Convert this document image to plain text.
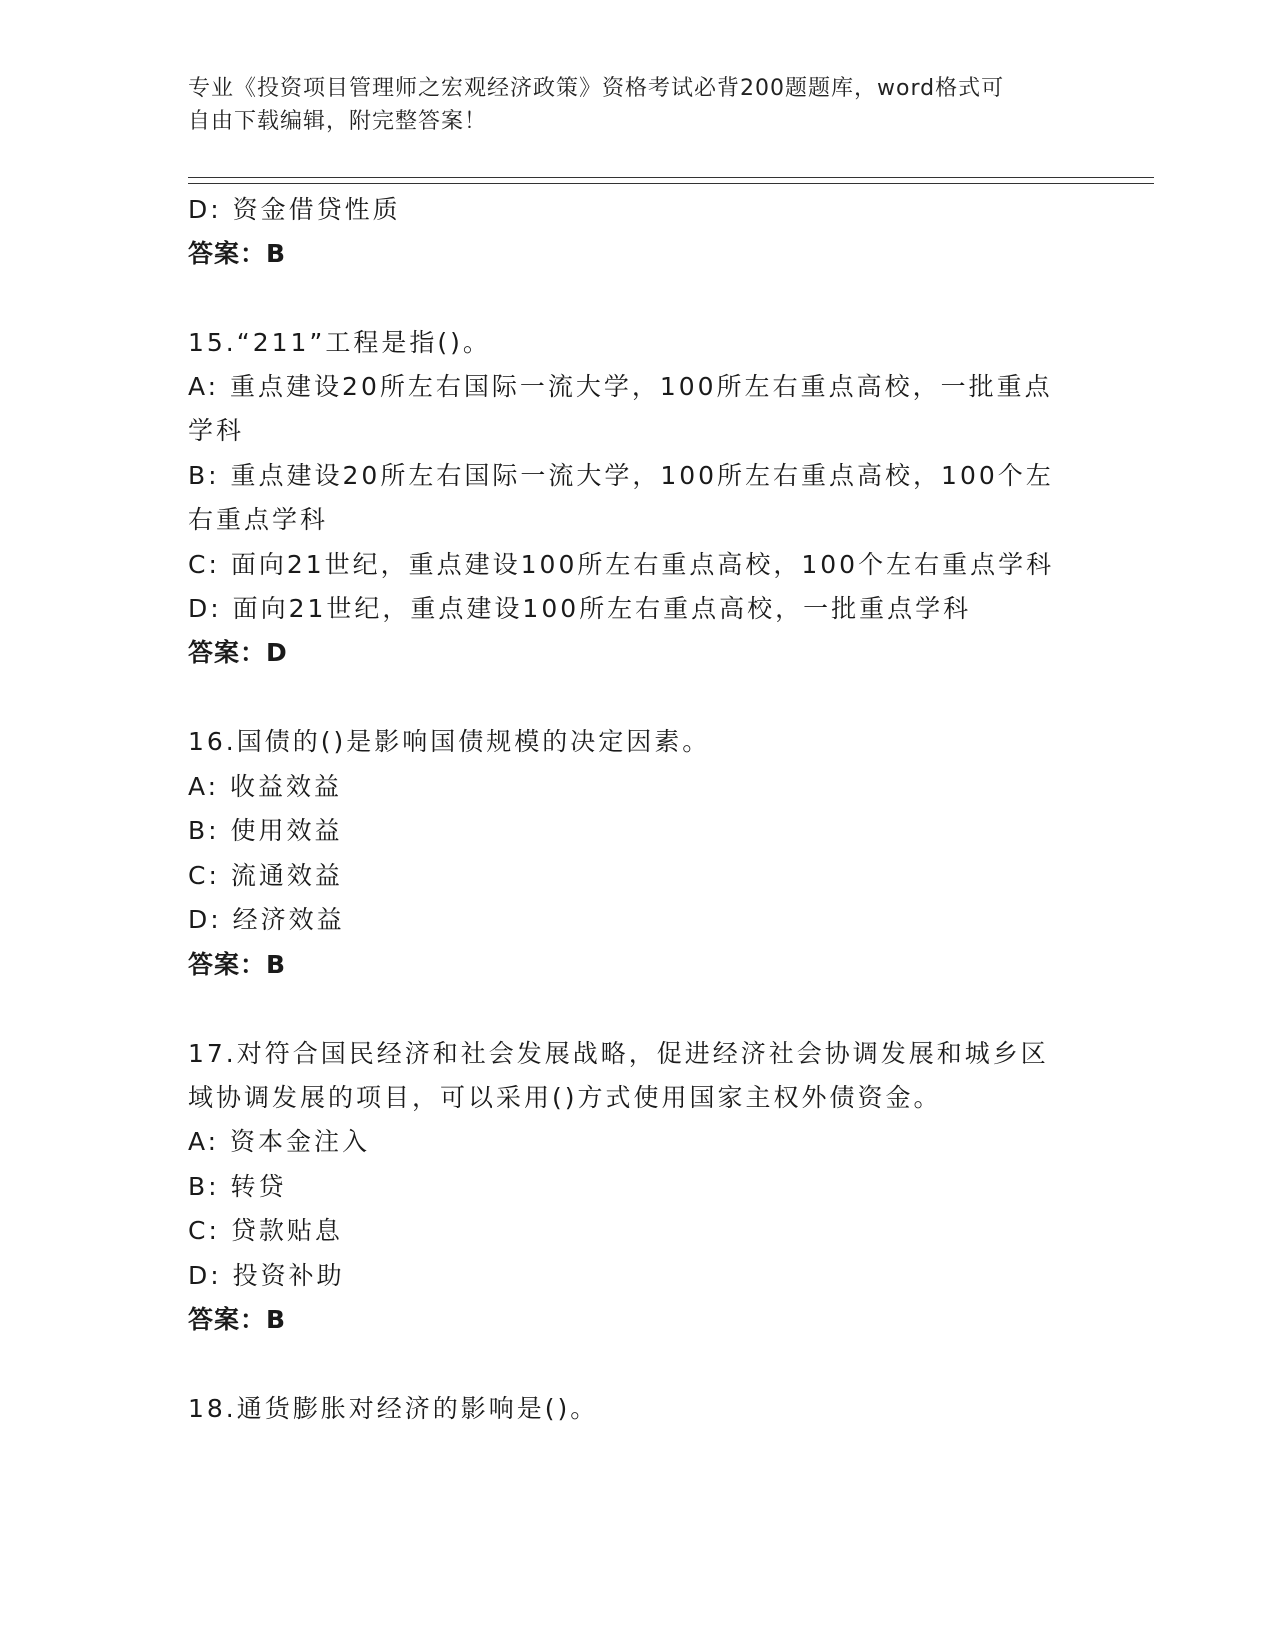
专业《投资项目管理师之宏观经济政策》资格考试必背200题题库，word格式可
自由下载编辑，附完整答案！
D: 资金借贷性质
答案：B
15.“211”工程是指()。
A: 重点建设20所左右国际一流大学，100所左右重点高校，一批重点
学科
B: 重点建设20所左右国际一流大学，100所左右重点高校，100个左
右重点学科
C: 面向21世纪，重点建设100所左右重点高校，100个左右重点学科
D: 面向21世纪，重点建设100所左右重点高校，一批重点学科
答案：D
16.国债的()是影响国债规模的决定因素。
A: 收益效益
B: 使用效益
C: 流通效益
D: 经济效益
答案：B
17.对符合国民经济和社会发展战略，促进经济社会协调发展和城乡区
域协调发展的项目，可以采用()方式使用国家主权外债资金。
A: 资本金注入
B: 转贷
C: 贷款贴息
D: 投资补助
答案：B
18.通货膨胀对经济的影响是()。
